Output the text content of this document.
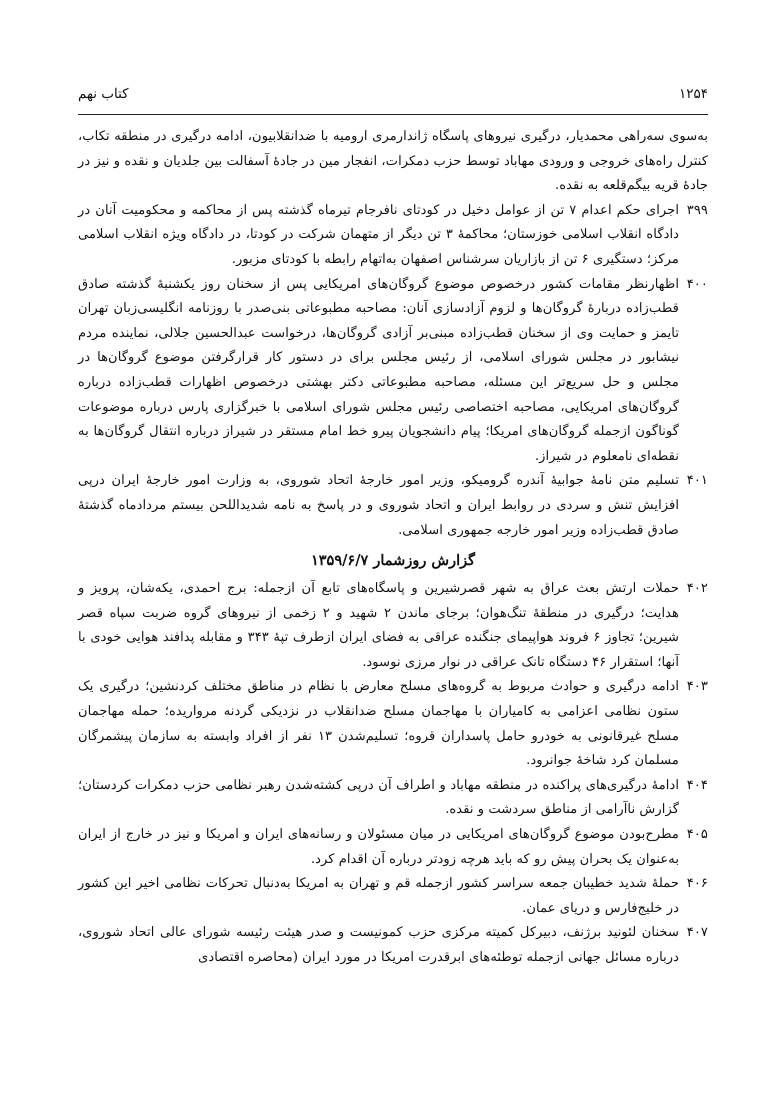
۱۲۵۴
کتاب نهم

به‌سوی سه‌راهی محمدیار، درگیری نیروهای پاسگاه ژاندارمری ارومیه با ضدانقلابیون، ادامه درگیری در منطقه تکاب، کنترل راه‌های خروجی و ورودی مهاباد توسط حزب دمکرات، انفجار مین در جادهٔ آسفالت بین جلدیان و نقده و نیز در جادهٔ قریه بیگم‌قلعه به نقده.

۳۹۹
اجرای حکم اعدام ۷ تن از عوامل دخیل در کودتای نافرجام تیرماه گذشته پس از محاکمه و محکومیت آنان در دادگاه انقلاب اسلامی خوزستان؛ محاکمهٔ ۳ تن دیگر از متهمان شرکت در کودتا، در دادگاه ویژه انقلاب اسلامی مرکز؛ دستگیری ۶ تن از بازاریان سرشناس اصفهان به‌اتهام رابطه با کودتای مزبور.
۴۰۰
اظهارنظر مقامات کشور درخصوص موضوع گروگان‌های امریکایی پس از سخنان روز یکشنبهٔ گذشته صادق قطب‌زاده دربارهٔ گروگان‌ها و لزوم آزادسازی آنان: مصاحبه مطبوعاتی بنی‌صدر با روزنامه انگلیسی‌زبان تهران تایمز و حمایت وی از سخنان قطب‌زاده مبنی‌بر آزادی گروگان‌ها، درخواست عبدالحسین جلالی، نماینده مردم نیشابور در مجلس شورای اسلامی، از رئیس مجلس برای در دستور کار قرارگرفتن موضوع گروگان‌ها در مجلس و حل سریع‌تر این مسئله، مصاحبه مطبوعاتی دکتر بهشتی درخصوص اظهارات قطب‌زاده درباره گروگان‌های امریکایی، مصاحبه اختصاصی رئیس مجلس شورای اسلامی با خبرگزاری پارس درباره موضوعات گوناگون ازجمله گروگان‌های امریکا؛ پیام دانشجویان پیرو خط امام مستقر در شیراز درباره انتقال گروگان‌ها به نقطه‌ای نامعلوم در شیراز.
۴۰۱
تسلیم متن نامهٔ جوابیهٔ آندره گرومیکو، وزیر امور خارجهٔ اتحاد شوروی، به وزارت امور خارجهٔ ایران درپی افزایش تنش و سردی در روابط ایران و اتحاد شوروی و در پاسخ به نامه شدیداللحن بیستم مردادماه گذشتهٔ صادق قطب‌زاده وزیر امور خارجه جمهوری اسلامی.
گزارش روزشمار ۱۳۵۹/۶/۷
۴۰۲
حملات ارتش بعث عراق به شهر قصرشیرین و پاسگاه‌های تابع آن ازجمله: برج احمدی، یکه‌شان، پرویز و هدایت؛ درگیری در منطقهٔ تنگ‌هوان؛ برجای ماندن ۲ شهید و ۲ زخمی از نیروهای گروه ضربت سپاه قصر شیرین؛ تجاوز ۶ فروند هواپیمای جنگنده عراقی به فضای ایران ازطرف تپهٔ ۳۴۳ و مقابله پدافند هوایی خودی با آنها؛ استقرار ۴۶ دستگاه تانک عراقی در نوار مرزی نوسود.
۴۰۳
ادامه درگیری و حوادث مربوط به گروه‌های مسلح معارض با نظام در مناطق مختلف کردنشین؛ درگیری یک ستون نظامی اعزامی به کامیاران با مهاجمان مسلح ضدانقلاب در نزدیکی گردنه مرواریده؛ حمله مهاجمان مسلح غیرقانونی به خودرو حامل پاسداران قروه؛ تسلیم‌شدن ۱۳ نفر از افراد وابسته به سازمان پیشمرگان مسلمان کرد شاخهٔ جوانرود.
۴۰۴
ادامهٔ درگیری‌های پراکنده در منطقه مهاباد و اطراف آن درپی کشته‌شدن رهبر نظامی حزب دمکرات کردستان؛ گزارش ناآرامی از مناطق سردشت و نقده.
۴۰۵
مطرح‌بودن موضوع گروگان‌های امریکایی در میان مسئولان و رسانه‌های ایران و امریکا و نیز در خارج از ایران به‌عنوان یک بحران پیش رو که باید هرچه زودتر درباره آن اقدام کرد.
۴۰۶
حملهٔ شدید خطیبان جمعه سراسر کشور ازجمله قم و تهران به امریکا به‌دنبال تحرکات نظامی اخیر این کشور در خلیج‌فارس و دریای عمان.
۴۰۷
سخنان لئونید برژنف، دبیرکل کمیته مرکزی حزب کمونیست و صدر هیئت رئیسه شورای عالی اتحاد شوروی، درباره مسائل جهانی ازجمله توطئه‌های ابرقدرت امریکا در مورد ایران (محاصره اقتصادی
